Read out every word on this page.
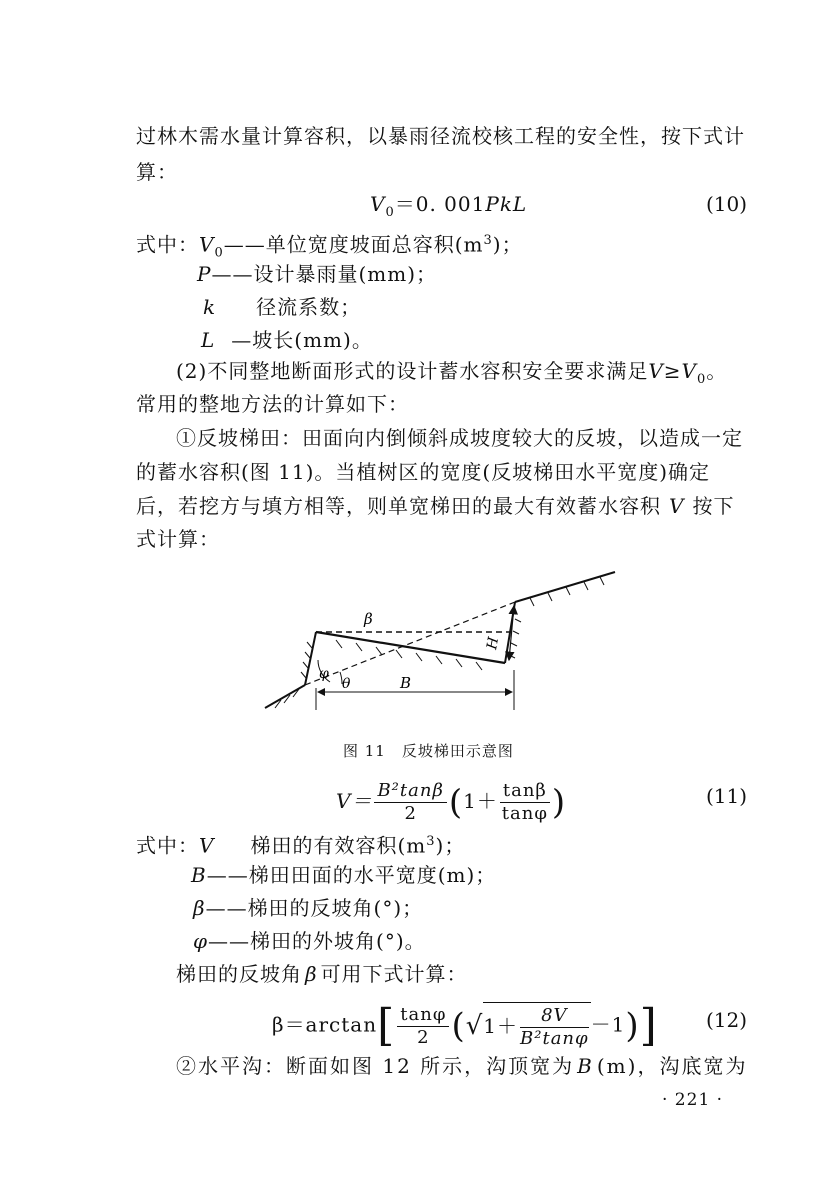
过林木需水量计算容积，以暴雨径流校核工程的安全性，按下式计
算：
$V_0=0$. 001PkL	(10)
式中：$V_0——$单位宽度坡面总容积$(m^3)$；
P——设计暴雨量(mm)；
k 径流系数；
L —坡长(mm)。
(2)不同整地断面形式的设计蓄水容积安全要求满足$V\ge V_0$。
常用的整地方法的计算如下：
①反坡梯田：田面向内倒倾斜成坡度较大的反坡，以造成一定
的蓄水容积(图 11)。当植树区的宽度(反坡梯田水平宽度)确定
后，若挖方与填方相等，则单宽梯田的最大有效蓄水容积 V 按下
式计算：
β
φ
θ	B
H
图 11　反坡梯田示意图
$V= \frac{\text{B²tanβ}}{2} (1+ \frac{\tan\beta}{\tan\varphi}$ )	(11)
式中：V 梯田的有效容积$(m^3)$；
B——梯田田面的水平宽度(m)；
β——梯田的反坡角(°)；
φ——梯田的外坡角(°)。
梯田的反坡角 β 可用下式计算：
$\beta=\arctan[ \frac{\tan\varphi}{2} (√1+ \frac{8V}{\text{B²tanφ}} -1)]$ (12)
②水平沟：断面如图 12 所示，沟顶宽为 B (m)，沟底宽为
· 221 ·
